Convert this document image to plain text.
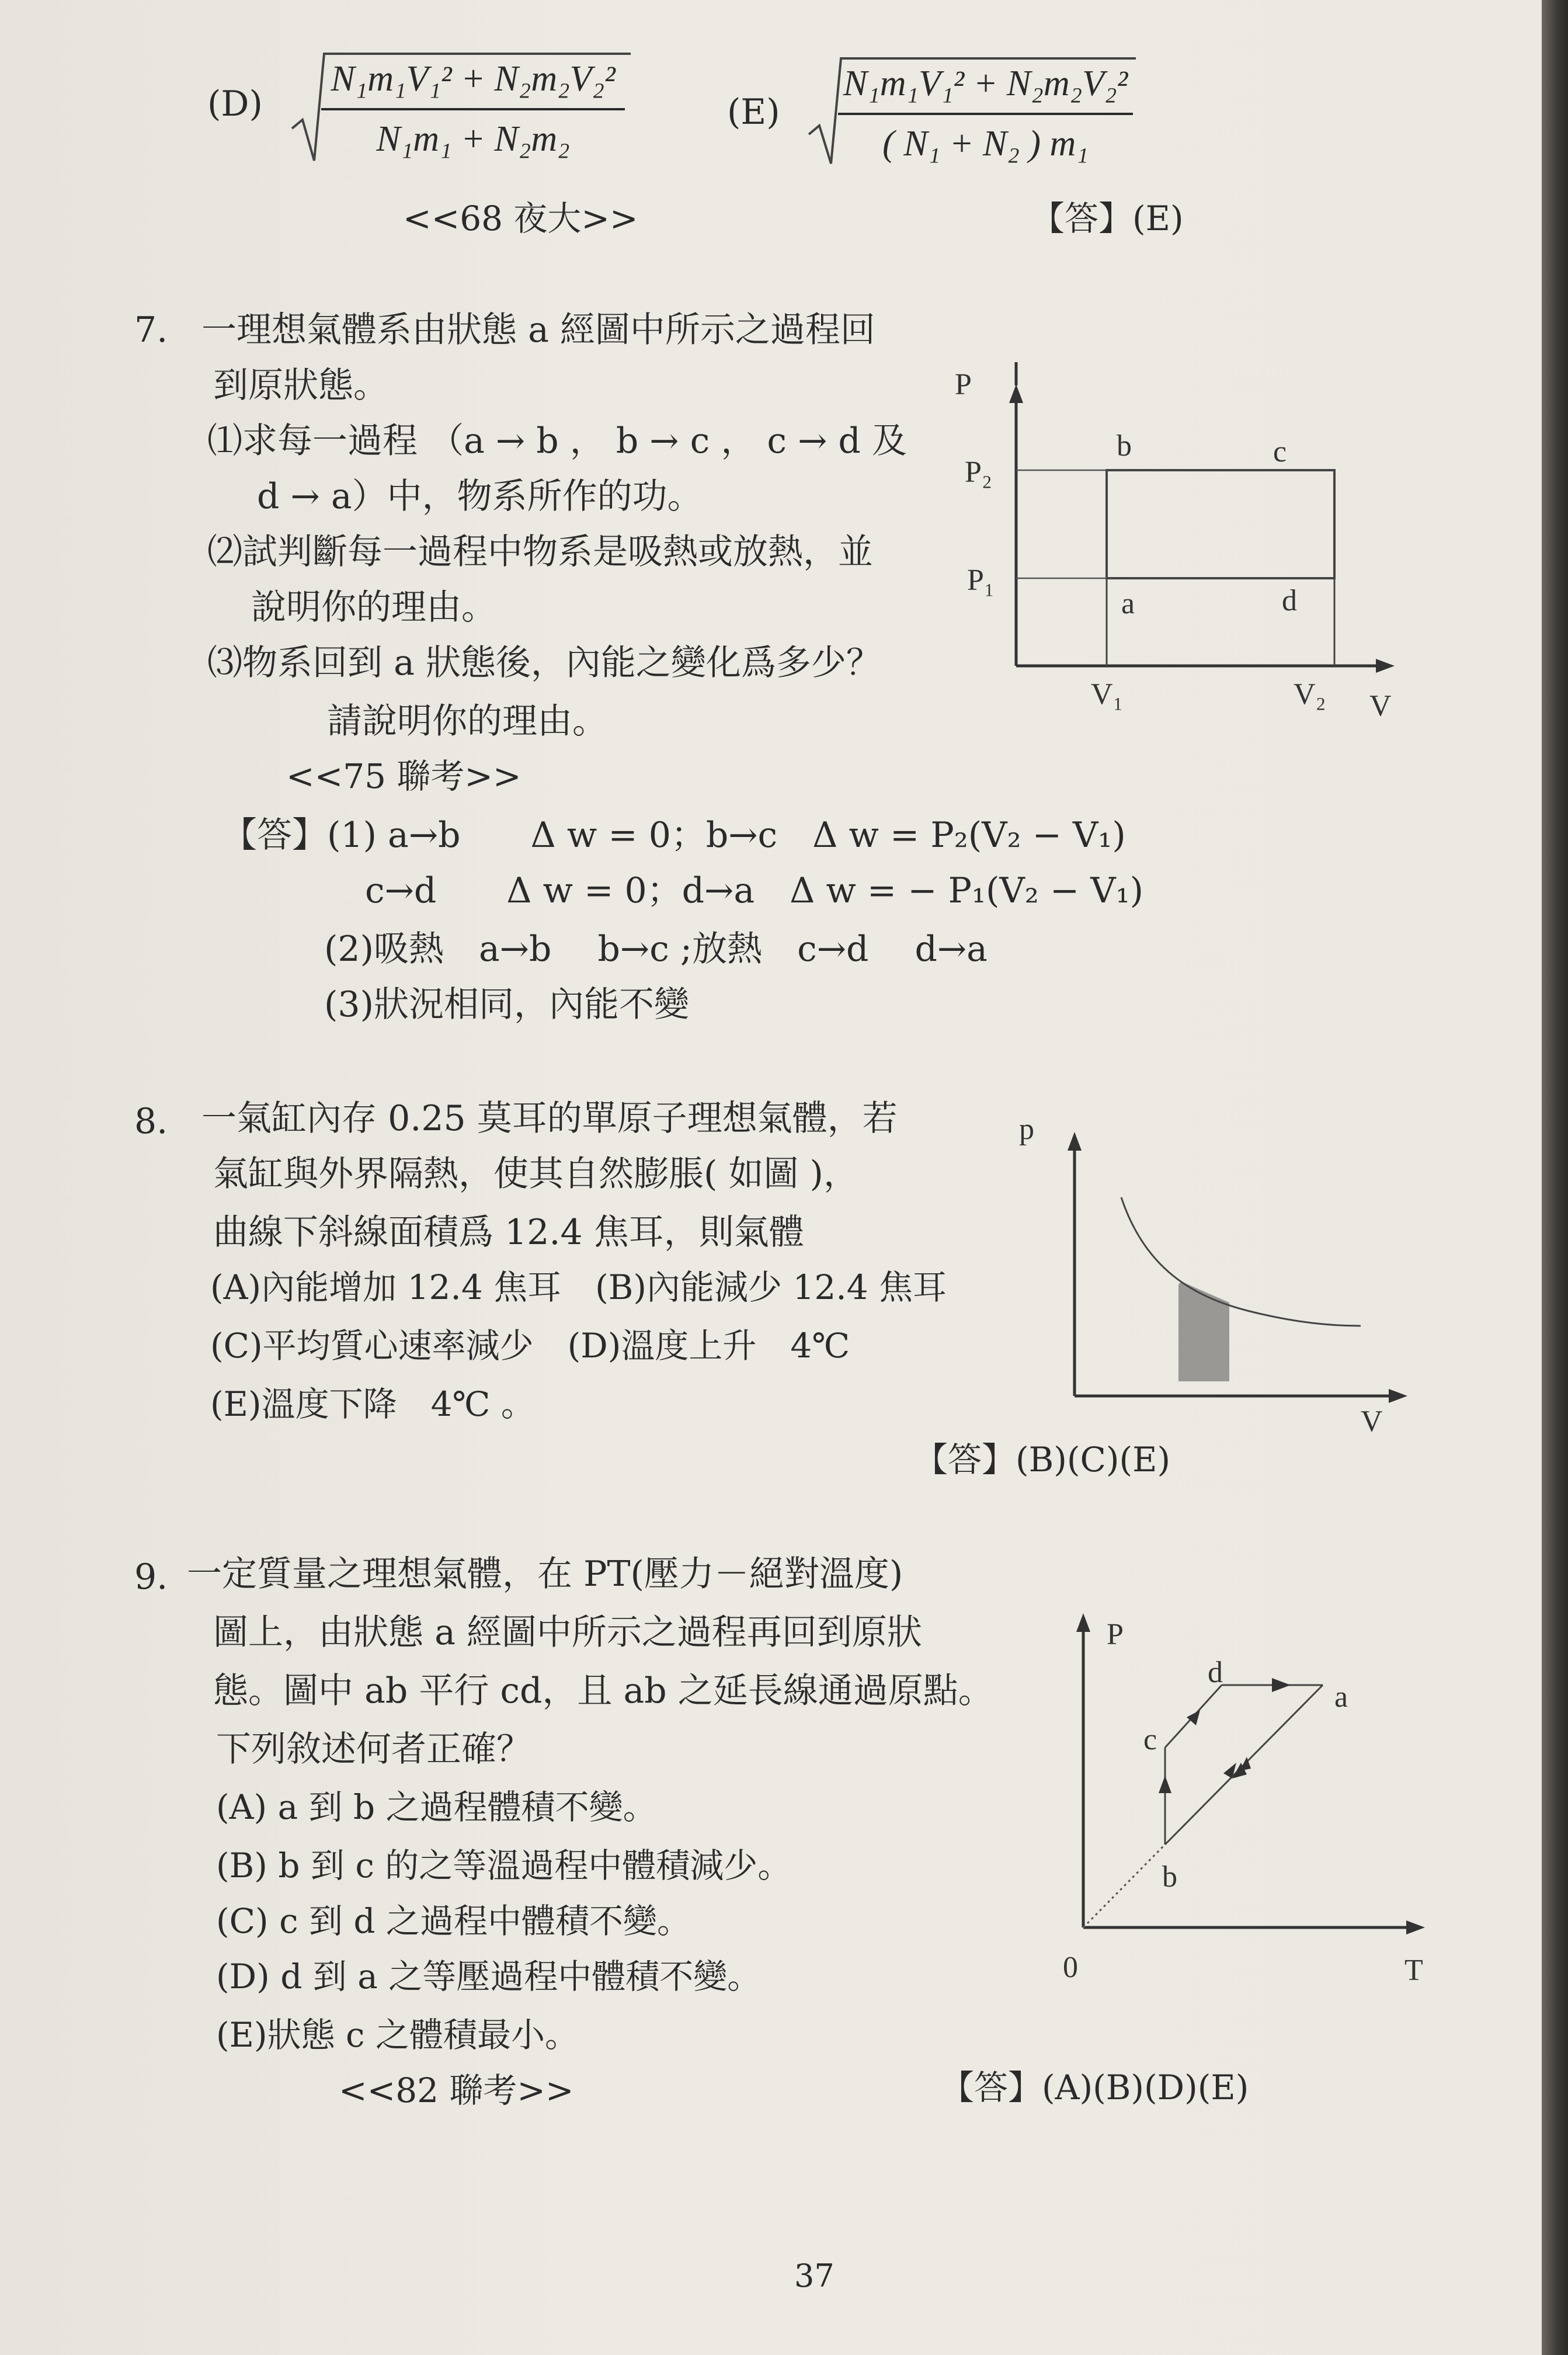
(D)
N₁m₁V₁² + N₂m₂V₂²
N₁m₁ + N₂m₂
(E)
N₁m₁V₁² + N₂m₂V₂²
( N₁ + N₂ ) m₁
<<68 夜大>>	【答】(E)
7. 一理想氣體系由狀態 a 經圖中所示之過程回
到原狀態。
⑴求每一過程 （a → b ， b → c ， c → d 及
d → a）中，物系所作的功。
⑵試判斷每一過程中物系是吸熱或放熱，並
說明你的理由。
⑶物系回到 a 狀態後，內能之變化爲多少？
請說明你的理由。
<<75 聯考>>
P
V
P₂
P₁
V₁	V₂
b	c
a	d
【答】(1) a→b　　Δ w = 0；b→c　Δ w = P₂(V₂ − V₁)
c→d　　Δ w = 0；d→a　Δ w = − P₁(V₂ − V₁)
(2)吸熱　a→b　 b→c ;放熱　c→d　 d→a
(3)狀況相同，內能不變
8. 一氣缸內存 0.25 莫耳的單原子理想氣體，若
氣缸與外界隔熱，使其自然膨脹( 如圖 )，
曲線下斜線面積爲 12.4 焦耳，則氣體
(A)內能增加 12.4 焦耳　(B)內能減少 12.4 焦耳
(C)平均質心速率減少　(D)溫度上升　4℃
(E)溫度下降　4℃ 。
p
V
【答】(B)(C)(E)
9. 一定質量之理想氣體，在 PT(壓力－絕對溫度)
圖上，由狀態 a 經圖中所示之過程再回到原狀
態。圖中 ab 平行 cd，且 ab 之延長線通過原點。
下列敘述何者正確？
(A) a 到 b 之過程體積不變。
(B) b 到 c 的之等溫過程中體積減少。
(C) c 到 d 之過程中體積不變。
(D) d 到 a 之等壓過程中體積不變。
(E)狀態 c 之體積最小。
<<82 聯考>>	【答】(A)(B)(D)(E)
P
T
0
a
b
c
d
37
